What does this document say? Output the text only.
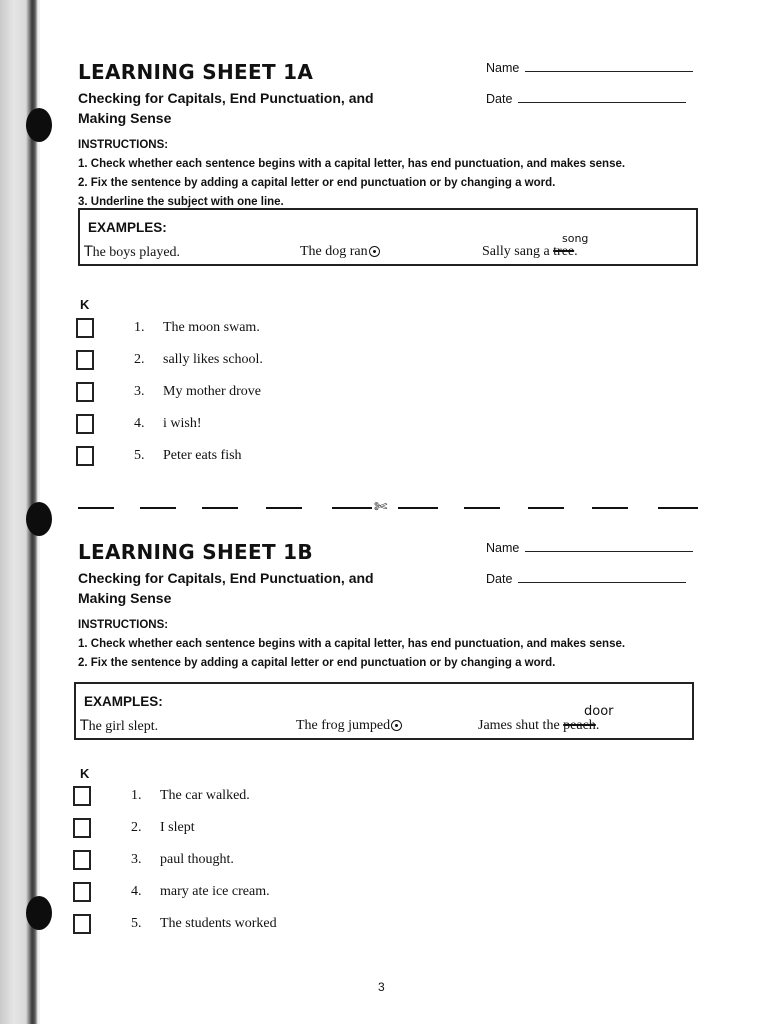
LEARNING SHEET 1A
Checking for Capitals, End Punctuation, and Making Sense
Name
Date
INSTRUCTIONS:
1. Check whether each sentence begins with a capital letter, has end punctuation, and makes sense.
2. Fix the sentence by adding a capital letter or end punctuation or by changing a word.
3. Underline the subject with one line.
EXAMPLES:
The boys played.	The dog ran	Sally sang a tree.
song
K
1. The moon swam.
2. sally likes school.
3. My mother drove
4. i wish!
5. Peter eats fish
✄
LEARNING SHEET 1B
Checking for Capitals, End Punctuation, and Making Sense
Name
Date
INSTRUCTIONS:
1. Check whether each sentence begins with a capital letter, has end punctuation, and makes sense.
2. Fix the sentence by adding a capital letter or end punctuation or by changing a word.
EXAMPLES:
The girl slept.	The frog jumped	James shut the peach.
door
K
1. The car walked.
2. I slept
3. paul thought.
4. mary ate ice cream.
5. The students worked
3
